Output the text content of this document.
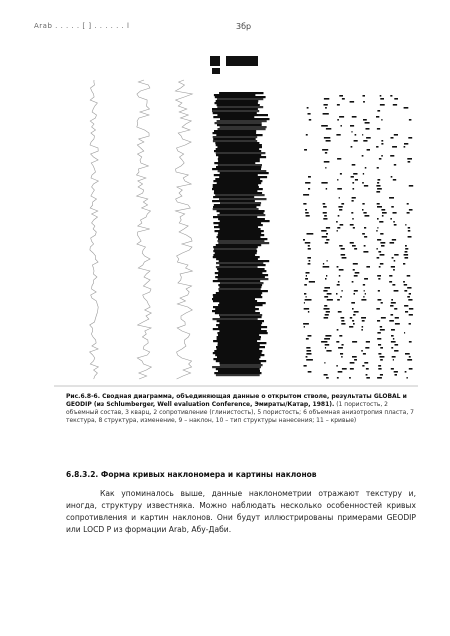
Arab . . . . . [ ] . . . . . . l	3бр
Рис.6.8-6. Сводная диаграмма, объединяющая данные о открытом стволе, результаты GLOBAL и GEODIP (из Schlumberger, Well evaluation Conference, Эмираты/Катар, 1981). (1 пористость, 2 объемный состав, 3 кварц, 2 сопротивление (глинистость), 5 пористость; 6 объемная анизотропия пласта, 7 текстура, 8 структура, изменение, 9 – наклон, 10 – тип структуры нанесения; 11 – кривые)
6.8.3.2. Форма кривых наклономера и картины наклонов
Как упоминалось выше, данные наклонометрии отражают текстуру и, иногда, структуру известняка. Можно наблюдать несколько особенностей кривых сопротивления и картин наклонов. Они будут иллюстрированы примерами GEODIP или LOCD P из формации Arab, Абу-Даби.
